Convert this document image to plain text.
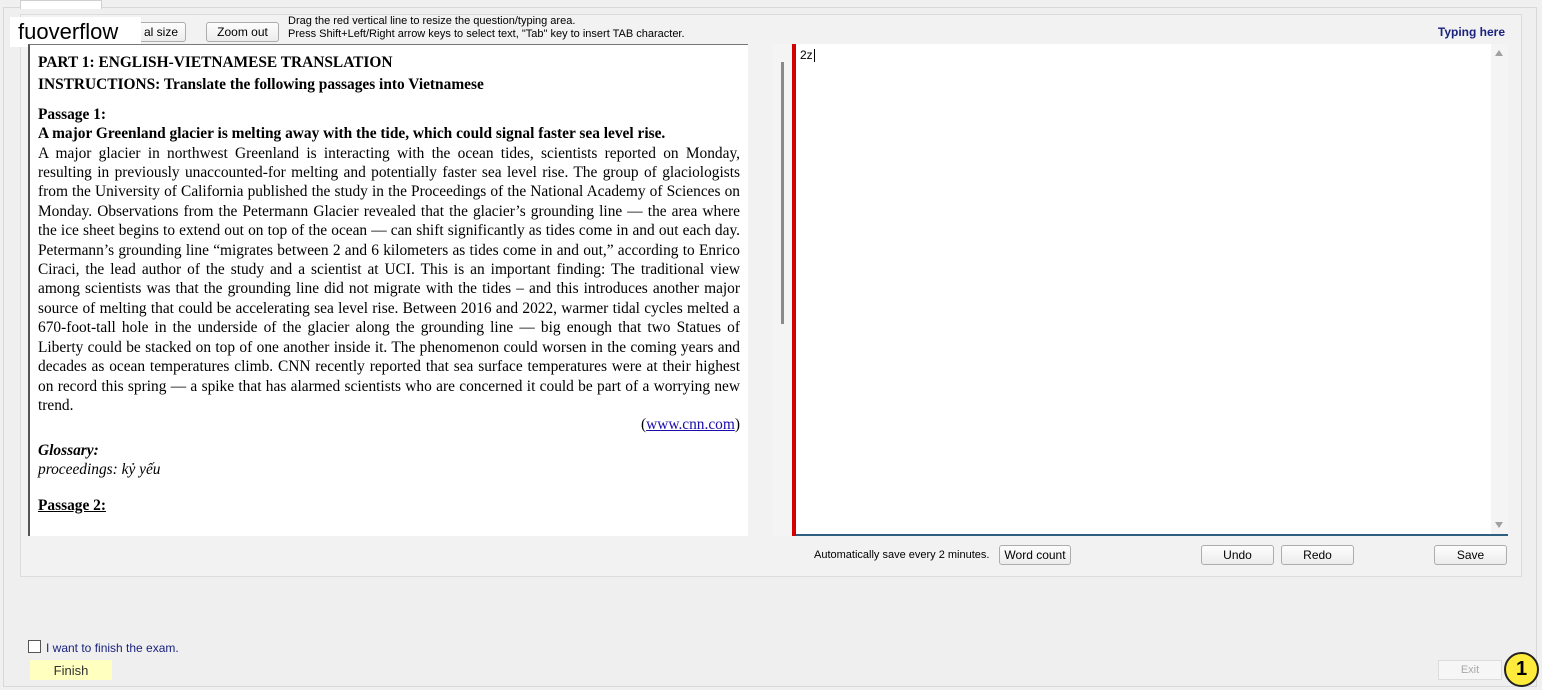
al size
fuoverflow	Zoom out
Drag the red vertical line to resize the question/typing area.
Press Shift+Left/Right arrow keys to select text, "Tab" key to insert TAB character.	Typing here

PART 1: ENGLISH-VIETNAMESE TRANSLATION

INSTRUCTIONS: Translate the following passages into Vietnamese

Passage 1:

A major Greenland glacier is melting away with the tide, which could signal faster sea level rise.

A major glacier in northwest Greenland is interacting with the ocean tides, scientists reported on Monday, resulting in previously unaccounted-for melting and potentially faster sea level rise. The group of glaciologists from the University of California published the study in the Proceedings of the National Academy of Sciences on Monday. Observations from the Petermann Glacier revealed that the glacier’s grounding line — the area where the ice sheet begins to extend out on top of the ocean — can shift significantly as tides come in and out each day. Petermann’s grounding line “migrates between 2 and 6 kilometers as tides come in and out,” according to Enrico Ciraci, the lead author of the study and a scientist at UCI. This is an important finding: The traditional view among scientists was that the grounding line did not migrate with the tides – and this introduces another major source of melting that could be accelerating sea level rise. Between 2016 and 2022, warmer tidal cycles melted a 670-foot-tall hole in the underside of the glacier along the grounding line — big enough that two Statues of Liberty could be stacked on top of one another inside it. The phenomenon could worsen in the coming years and decades as ocean temperatures climb. CNN recently reported that sea surface temperatures were at their highest on record this spring — a spike that has alarmed scientists who are concerned it could be part of a worrying new trend.

(www.cnn.com)

Glossary:

proceedings: kỷ yếu

Passage 2:

2z
Automatically save every 2 minutes.	Word count	Undo	Redo	Save
I want to finish the exam.
Finish	Exit	1
